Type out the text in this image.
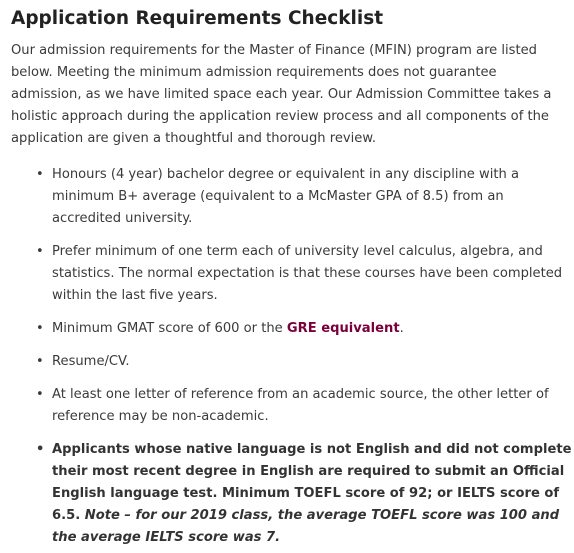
Application Requirements Checklist

Our admission requirements for the Master of Finance (MFIN) program are listed below. Meeting the minimum admission requirements does not guarantee admission, as we have limited space each year. Our Admission Committee takes a holistic approach during the application review process and all components of the application are given a thoughtful and thorough review.

• Honours (4 year) bachelor degree or equivalent in any discipline with a minimum B+ average (equivalent to a McMaster GPA of 8.5) from an accredited university.
• Prefer minimum of one term each of university level calculus, algebra, and statistics. The normal expectation is that these courses have been completed within the last five years.
• Minimum GMAT score of 600 or the GRE equivalent.
• Resume/CV.
• At least one letter of reference from an academic source, the other letter of reference may be non-academic.
• Applicants whose native language is not English and did not complete their most recent degree in English are required to submit an Official English language test. Minimum TOEFL score of 92; or IELTS score of 6.5. Note – for our 2019 class, the average TOEFL score was 100 and the average IELTS score was 7.
